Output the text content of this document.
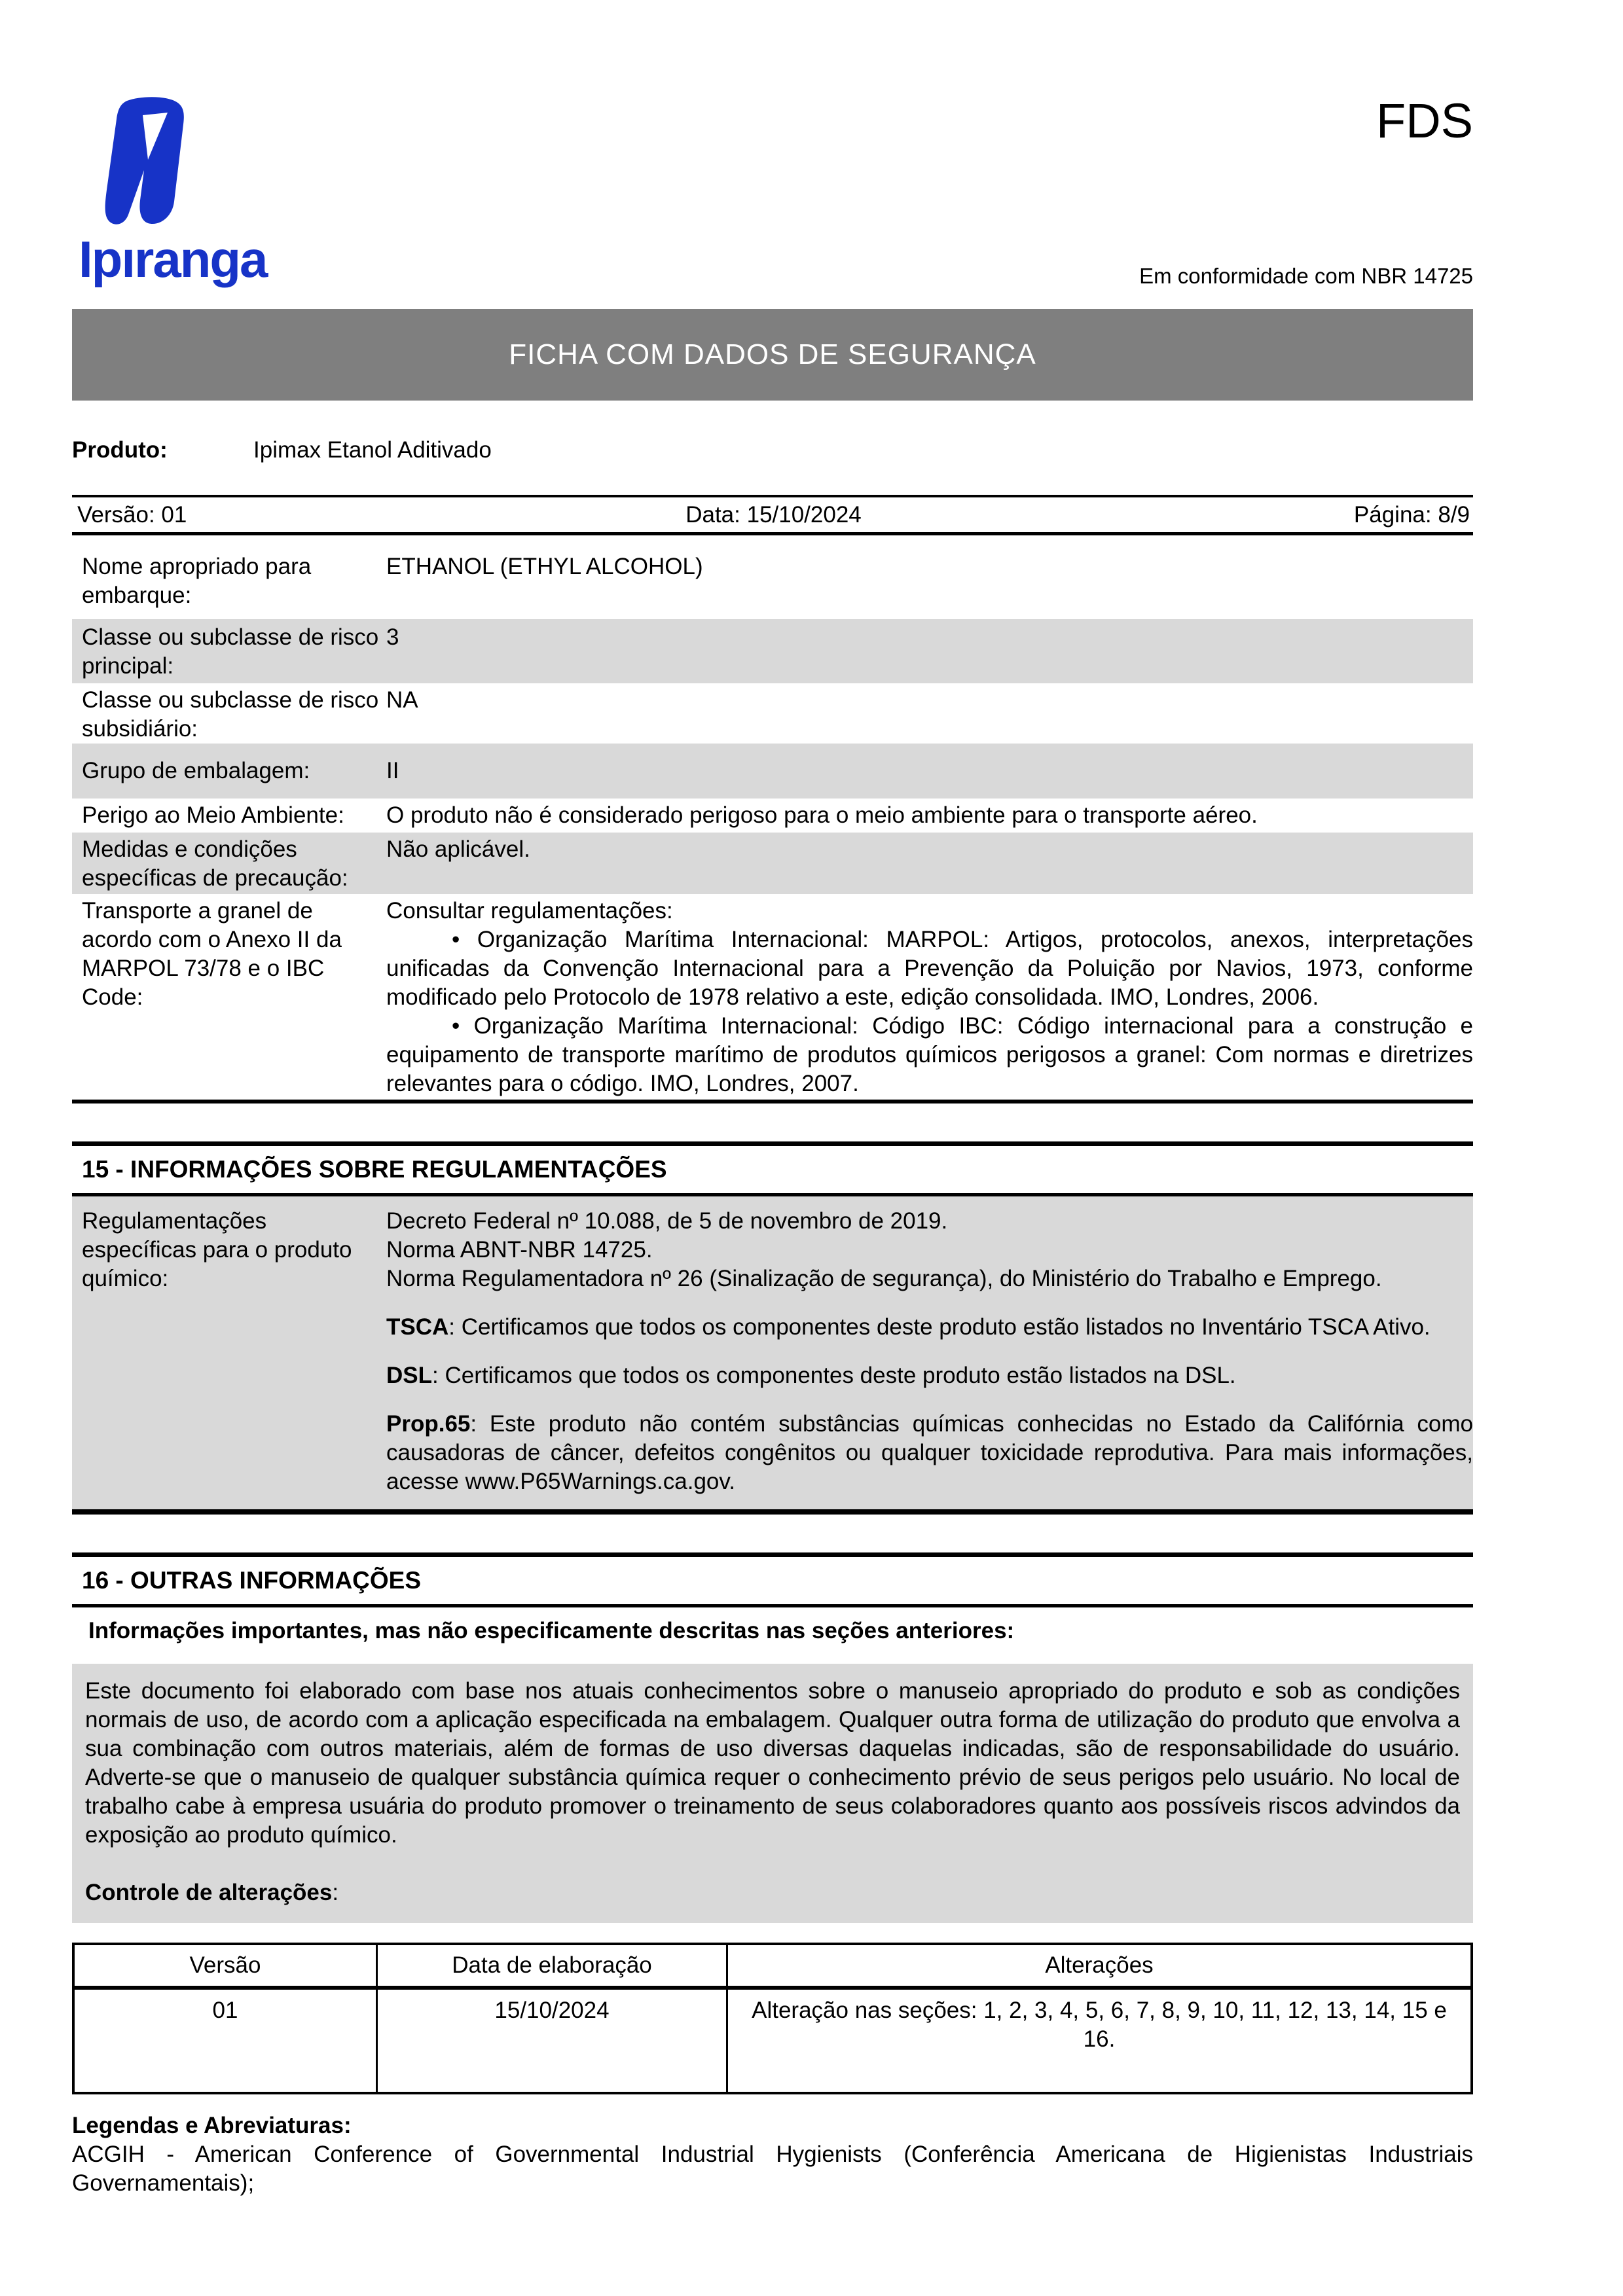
Ipıranga
FDS
Em conformidade com NBR 14725
FICHA COM DADOS DE SEGURANÇA
Produto:	Ipimax Etanol Aditivado
Versão: 01	Data: 15/10/2024	Página: 8/9
Nome apropriado para embarque:
ETHANOL (ETHYL ALCOHOL)
Classe ou subclasse de risco principal:
3
Classe ou subclasse de risco subsidiário:
NA
Grupo de embalagem:	II
Perigo ao Meio Ambiente:	O produto não é considerado perigoso para o meio ambiente para o transporte aéreo.
Medidas e condições específicas de precaução:
Não aplicável.
Transporte a granel de acordo com o Anexo II da MARPOL 73/78 e o IBC Code:

Consultar regulamentações:

• Organização Marítima Internacional: MARPOL: Artigos, protocolos, anexos, interpretações unificadas da Convenção Internacional para a Prevenção da Poluição por Navios, 1973, conforme modificado pelo Protocolo de 1978 relativo a este, edição consolidada. IMO, Londres, 2006.

• Organização Marítima Internacional: Código IBC: Código internacional para a construção e equipamento de transporte marítimo de produtos químicos perigosos a granel: Com normas e diretrizes relevantes para o código. IMO, Londres, 2007.

15 - INFORMAÇÕES SOBRE REGULAMENTAÇÕES
Regulamentações específicas para o produto químico:

Decreto Federal nº 10.088, de 5 de novembro de 2019.

Norma ABNT-NBR 14725.

Norma Regulamentadora nº 26 (Sinalização de segurança), do Ministério do Trabalho e Emprego.

TSCA: Certificamos que todos os componentes deste produto estão listados no Inventário TSCA Ativo.

DSL: Certificamos que todos os componentes deste produto estão listados na DSL.

Prop.65: Este produto não contém substâncias químicas conhecidas no Estado da Califórnia como causadoras de câncer, defeitos congênitos ou qualquer toxicidade reprodutiva. Para mais informações, acesse www.P65Warnings.ca.gov.

16 - OUTRAS INFORMAÇÕES
Informações importantes, mas não especificamente descritas nas seções anteriores:

Este documento foi elaborado com base nos atuais conhecimentos sobre o manuseio apropriado do produto e sob as condições normais de uso, de acordo com a aplicação especificada na embalagem. Qualquer outra forma de utilização do produto que envolva a sua combinação com outros materiais, além de formas de uso diversas daquelas indicadas, são de responsabilidade do usuário. Adverte-se que o manuseio de qualquer substância química requer o conhecimento prévio de seus perigos pelo usuário. No local de trabalho cabe à empresa usuária do produto promover o treinamento de seus colaboradores quanto aos possíveis riscos advindos da exposição ao produto químico.

Controle de alterações:

Versão	Data de elaboração	Alterações
01	15/10/2024	Alteração nas seções: 1, 2, 3, 4, 5, 6, 7, 8, 9, 10, 11, 12, 13, 14, 15 e 16.

Legendas e Abreviaturas:

ACGIH - American Conference of Governmental Industrial Hygienists (Conferência Americana de Higienistas Industriais Governamentais);
